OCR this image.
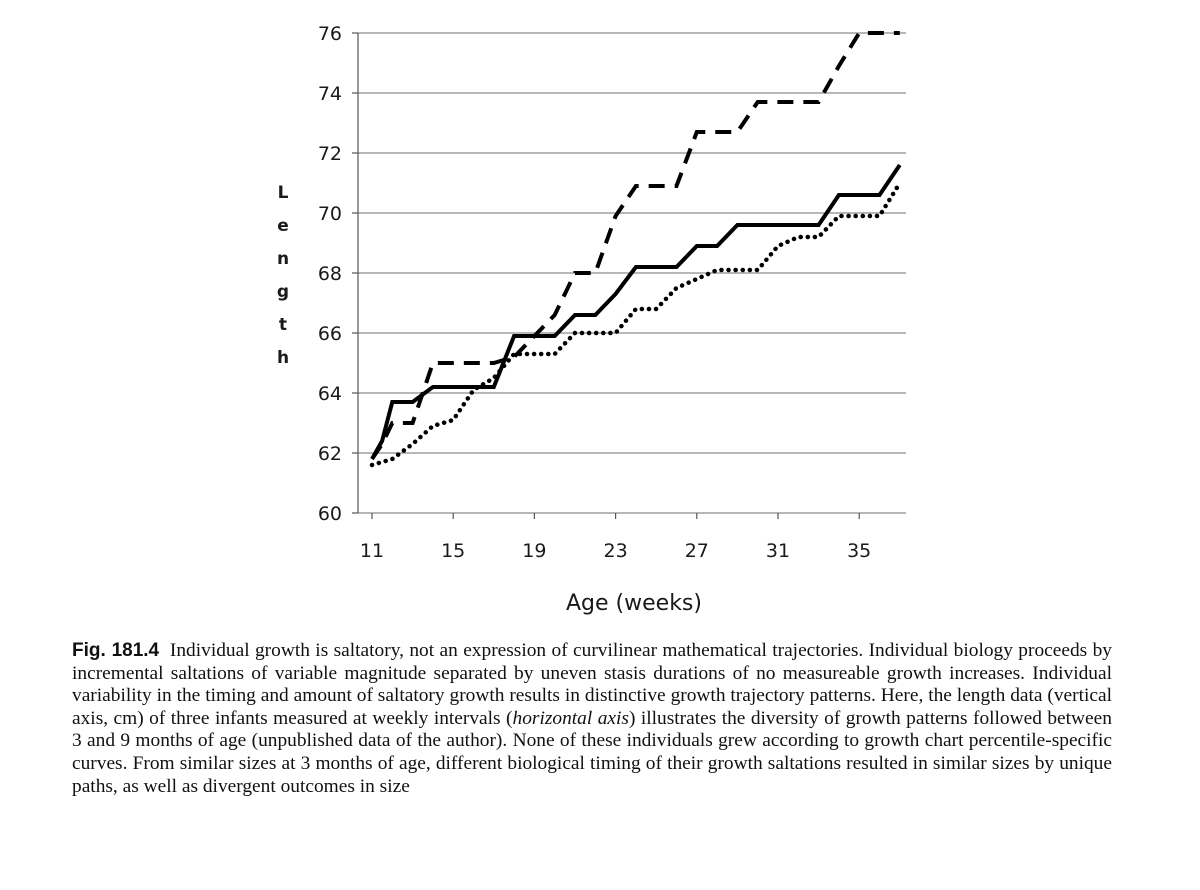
60
62
64
66
68
70
72
74
76
11	15	19	23	27	31	35
Age (weeks)
L
e
n
g
t
h
Fig. 181.4 Individual growth is saltatory, not an expression of curvilinear mathematical trajectories. Individual biology proceeds by incremental saltations of variable magnitude separated by uneven stasis durations of no measureable growth increases. Individual variability in the timing and amount of saltatory growth results in distinctive growth trajectory patterns. Here, the length data (vertical axis, cm) of three infants measured at weekly intervals (horizontal axis) illustrates the diversity of growth patterns followed between 3 and 9 months of age (unpublished data of the author). None of these individuals grew according to growth chart percentile-specific curves. From similar sizes at 3 months of age, different biological timing of their growth saltations resulted in similar sizes by unique paths, as well as divergent outcomes in size
